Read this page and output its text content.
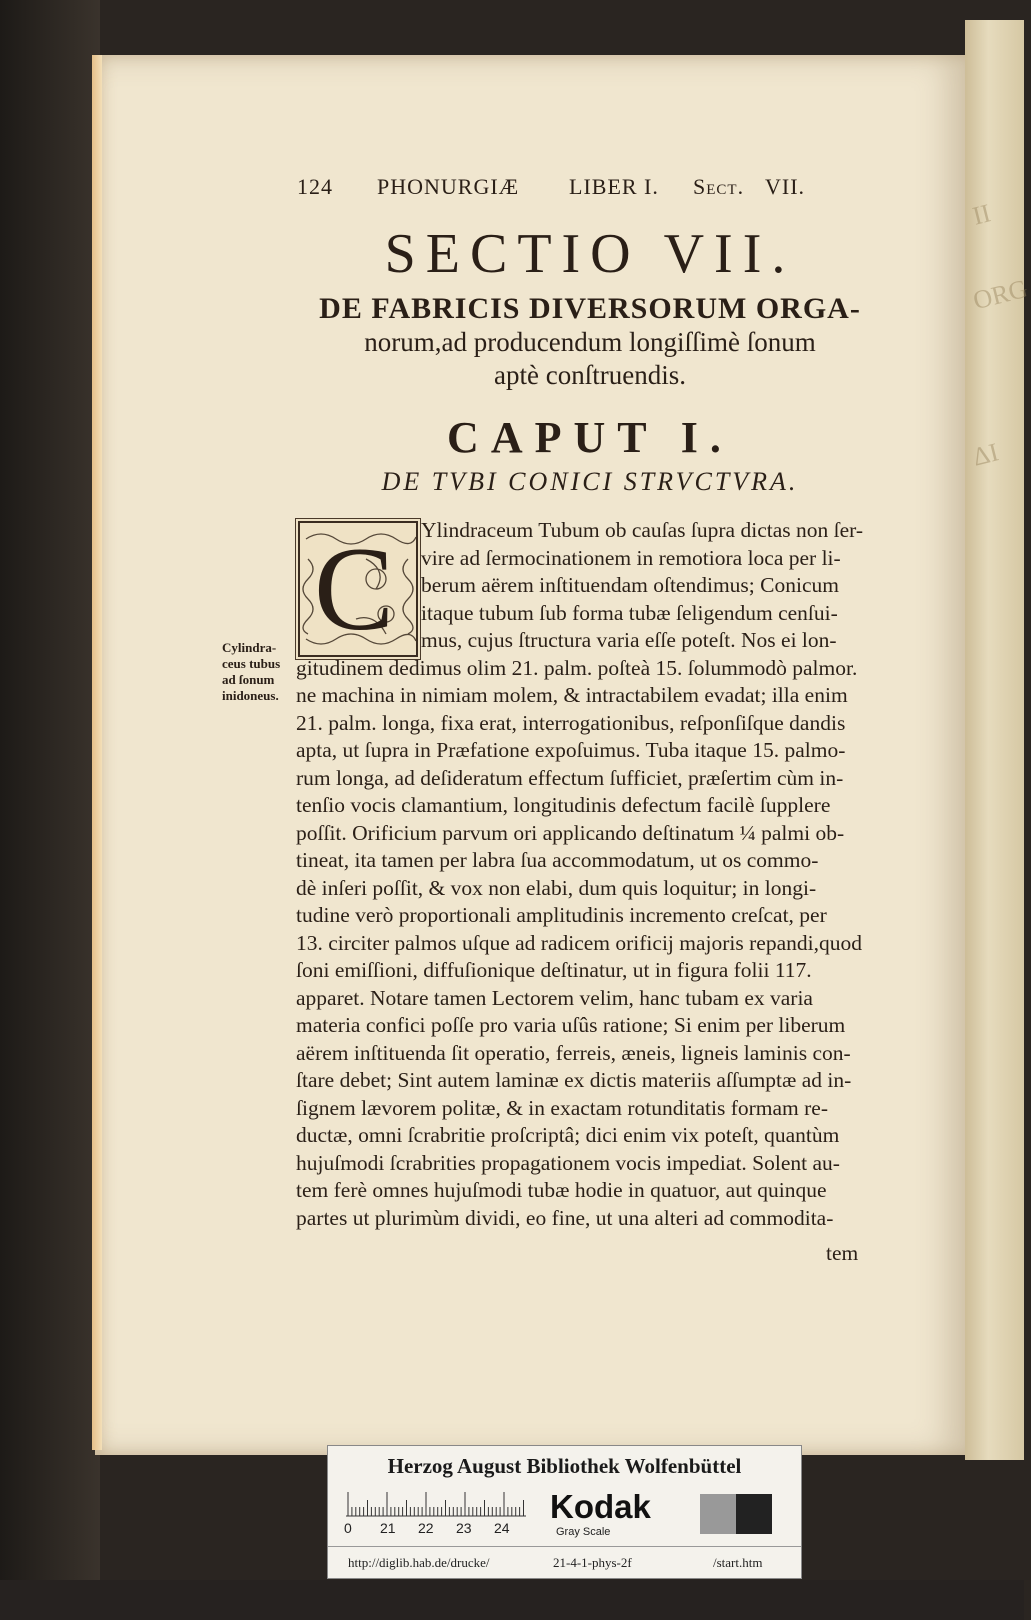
II
ORG
ΔI
124 PHONURGIÆ LIBER I. Sect. VII.
SECTIO VII.
DE FABRICIS DIVERSORUM ORGA-
norum,ad producendum longiſſimè ſonum
aptè conſtruendis.
CAPUT I.
DE TVBI CONICI STRVCTVRA.
C Ylindraceum Tubum ob cauſas ſupra dictas non ſer-
vire ad ſermocinationem in remotiora loca per li-
berum aërem inſtituendam oſtendimus; Conicum
itaque tubum ſub forma tubæ ſeligendum cenſui-
mus, cujus ſtructura varia eſſe poteſt. Nos ei lon-
gitudinem dedimus olim 21. palm. poſteà 15. ſolummodò palmor.
ne machina in nimiam molem, & intractabilem evadat; illa enim
21. palm. longa, fixa erat, interrogationibus, reſponſiſque dandis
apta, ut ſupra in Præfatione expoſuimus. Tuba itaque 15. palmo-
rum longa, ad deſideratum effectum ſufficiet, præſertim cùm in-
tenſio vocis clamantium, longitudinis defectum facilè ſupplere
poſſit. Orificium parvum ori applicando deſtinatum ¼ palmi ob-
tineat, ita tamen per labra ſua accommodatum, ut os commo-
dè inſeri poſſit, & vox non elabi, dum quis loquitur; in longi-
tudine verò proportionali amplitudinis incremento creſcat, per
13. circiter palmos uſque ad radicem orificij majoris repandi,quod
ſoni emiſſioni, diffuſionique deſtinatur, ut in figura folii 117.
apparet. Notare tamen Lectorem velim, hanc tubam ex varia
materia confici poſſe pro varia uſûs ratione; Si enim per liberum
aërem inſtituenda ſit operatio, ferreis, æneis, ligneis laminis con-
ſtare debet; Sint autem laminæ ex dictis materiis aſſumptæ ad in-
ſignem lævorem politæ, & in exactam rotunditatis formam re-
ductæ, omni ſcrabritie proſcriptâ; dici enim vix poteſt, quantùm
hujuſmodi ſcrabrities propagationem vocis impediat. Solent au-
tem ferè omnes hujuſmodi tubæ hodie in quatuor, aut quinque
partes ut plurimùm dividi, eo fine, ut una alteri ad commodita-
Cylindra-
ceus tubus
ad ſonum
inidoneus.
tem
Herzog August Bibliothek Wolfenbüttel
0 21 22 23 24
Kodak
Gray Scale
http://diglib.hab.de/drucke/	21-4-1-phys-2f	/start.htm
